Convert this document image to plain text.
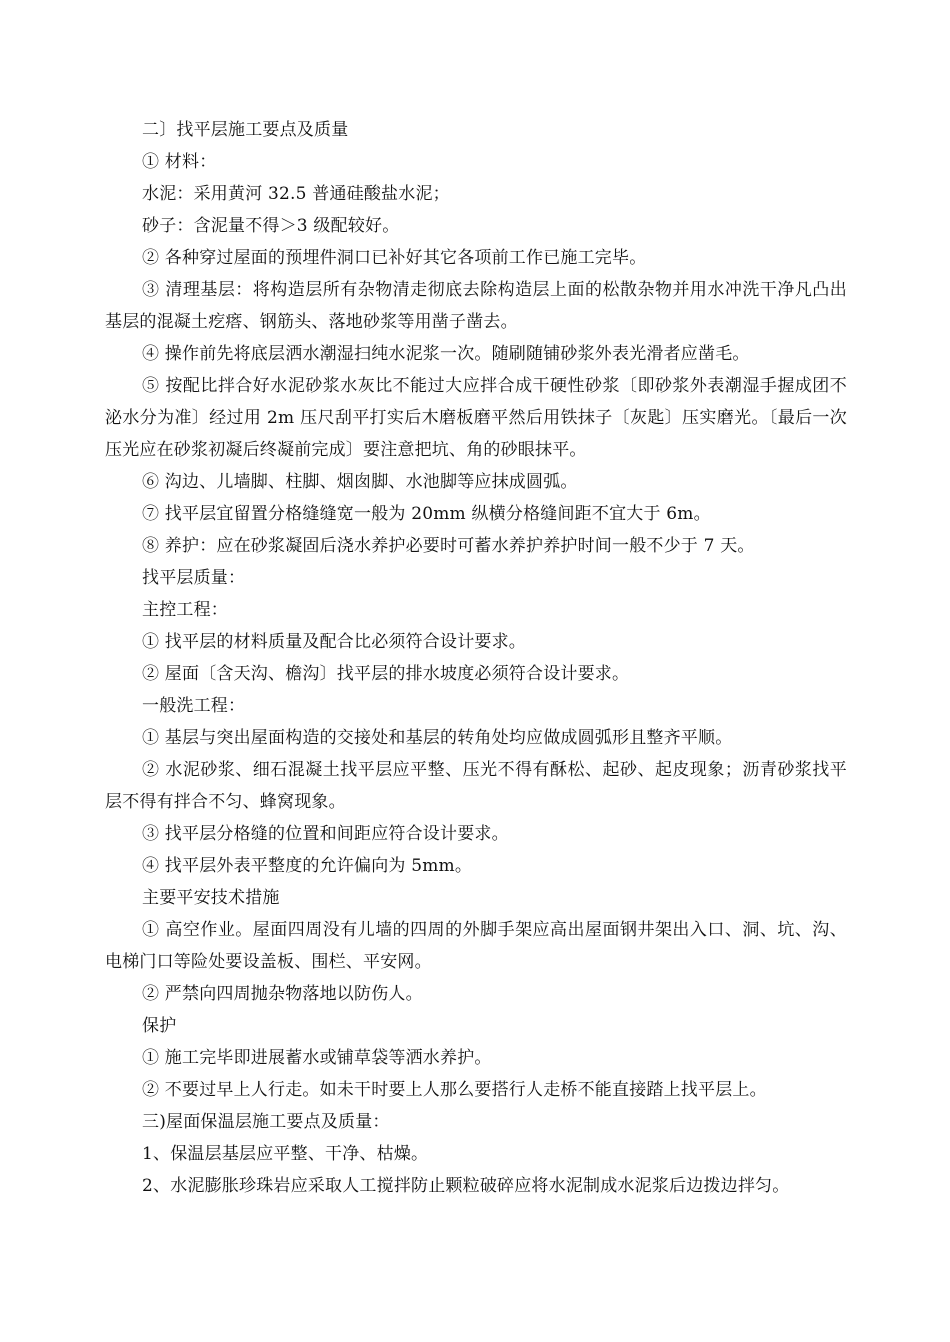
二〕找平层施工要点及质量

① 材料：

水泥：采用黄河 32.5 普通硅酸盐水泥；

砂子：含泥量不得＞3 级配较好。

② 各种穿过屋面的预埋件洞口已补好其它各项前工作已施工完毕。

③ 清理基层：将构造层所有杂物清走彻底去除构造层上面的松散杂物并用水冲洗干净凡凸出基层的混凝土疙瘩、钢筋头、落地砂浆等用凿子凿去。

④ 操作前先将底层洒水潮湿扫纯水泥浆一次。随刷随铺砂浆外表光滑者应凿毛。

⑤ 按配比拌合好水泥砂浆水灰比不能过大应拌合成干硬性砂浆〔即砂浆外表潮湿手握成团不泌水分为准〕经过用 2m 压尺刮平打实后木磨板磨平然后用铁抹子〔灰匙〕压实磨光。〔最后一次压光应在砂浆初凝后终凝前完成〕要注意把坑、角的砂眼抹平。

⑥ 沟边、儿墙脚、柱脚、烟囱脚、水池脚等应抹成圆弧。

⑦ 找平层宜留置分格缝缝宽一般为 20mm 纵横分格缝间距不宜大于 6m。

⑧ 养护：应在砂浆凝固后浇水养护必要时可蓄水养护养护时间一般不少于 7 天。

找平层质量：

主控工程：

① 找平层的材料质量及配合比必须符合设计要求。

② 屋面〔含天沟、檐沟〕找平层的排水坡度必须符合设计要求。

一般洗工程：

① 基层与突出屋面构造的交接处和基层的转角处均应做成圆弧形且整齐平顺。

② 水泥砂浆、细石混凝土找平层应平整、压光不得有酥松、起砂、起皮现象；沥青砂浆找平层不得有拌合不匀、蜂窝现象。

③ 找平层分格缝的位置和间距应符合设计要求。

④ 找平层外表平整度的允许偏向为 5mm。

主要平安技术措施

① 高空作业。屋面四周没有儿墙的四周的外脚手架应高出屋面钢井架出入口、洞、坑、沟、电梯门口等险处要设盖板、围栏、平安网。

② 严禁向四周抛杂物落地以防伤人。

保护

① 施工完毕即进展蓄水或铺草袋等洒水养护。

② 不要过早上人行走。如未干时要上人那么要搭行人走桥不能直接踏上找平层上。

三)屋面保温层施工要点及质量：

1、保温层基层应平整、干净、枯燥。

2、水泥膨胀珍珠岩应采取人工搅拌防止颗粒破碎应将水泥制成水泥浆后边拨边拌匀。
